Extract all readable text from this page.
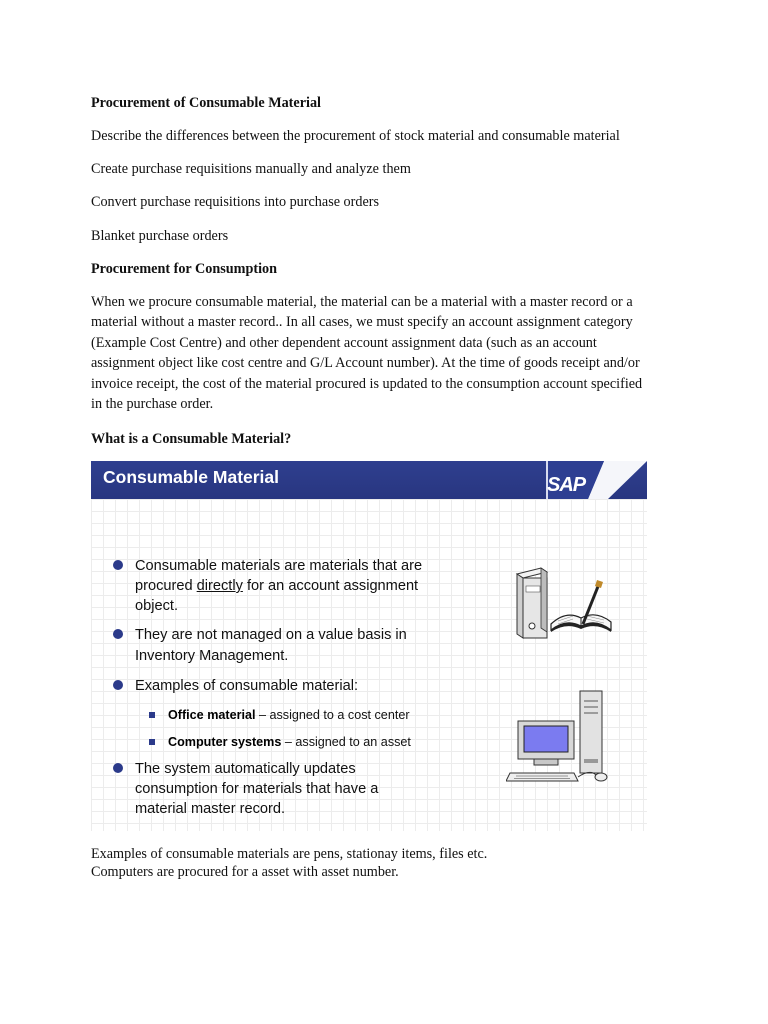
Procurement of Consumable Material
Describe the differences between the procurement of stock material and consumable material
Create purchase requisitions manually and analyze them
Convert purchase requisitions into purchase orders
Blanket purchase orders
Procurement for Consumption
When we procure consumable material, the material can be a material with a master record or a
material without a master record.. In all cases, we must specify an account assignment category
(Example Cost Centre) and other dependent account assignment data (such as an account
assignment object like cost centre and G/L Account number). At the time of goods receipt and/or
invoice receipt, the cost of the material procured is updated to the consumption account specified
in the purchase order.
What is a Consumable Material?
Examples of consumable materials are pens, stationay items, files etc.
Computers are procured for a asset with asset number.
Consumable Material	SAP
Consumable materials are materials that are
procured directly for an account assignment
object.
They are not managed on a value basis in
Inventory Management.
Examples of consumable material:
Office material – assigned to a cost center
Computer systems – assigned to an asset
The system automatically updates
consumption for materials that have a
material master record.
